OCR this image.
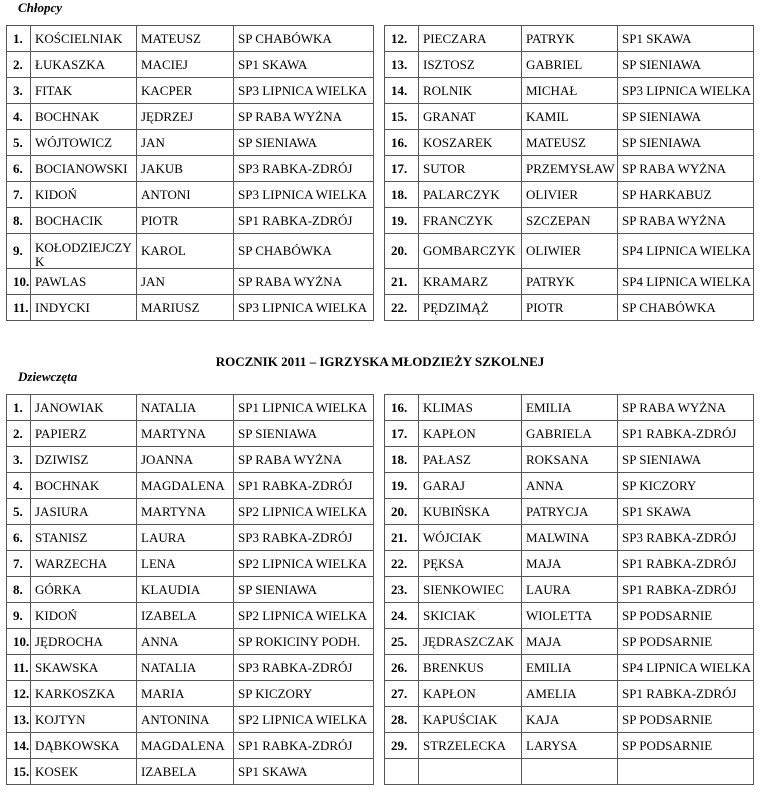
Chłopcy

1.	KOŚCIELNIAK	MATEUSZ	SP CHABÓWKA

2.	ŁUKASZKA	MACIEJ	SP1 SKAWA

3.	FITAK	KACPER	SP3 LIPNICA WIELKA

4.	BOCHNAK	JĘDRZEJ	SP RABA WYŻNA

5.	WÓJTOWICZ	JAN	SP SIENIAWA

6.	BOCIANOWSKI	JAKUB	SP3 RABKA-ZDRÓJ

7.	KIDOŃ	ANTONI	SP3 LIPNICA WIELKA

8.	BOCHACIK	PIOTR	SP1 RABKA-ZDRÓJ

9.	KOŁODZIEJCZYK	KAROL	SP CHABÓWKA

10.	PAWLAS	JAN	SP RABA WYŻNA

11.	INDYCKI	MARIUSZ	SP3 LIPNICA WIELKA
12.	PIECZARA	PATRYK	SP1 SKAWA

13.	ISZTOSZ	GABRIEL	SP SIENIAWA

14.	ROLNIK	MICHAŁ	SP3 LIPNICA WIELKA

15.	GRANAT	KAMIL	SP SIENIAWA

16.	KOSZAREK	MATEUSZ	SP SIENIAWA

17.	SUTOR	PRZEMYSŁAW	SP RABA WYŻNA

18.	PALARCZYK	OLIVIER	SP HARKABUZ

19.	FRANCZYK	SZCZEPAN	SP RABA WYŻNA

20.	GOMBARCZYK	OLIWIER	SP4 LIPNICA WIELKA

21.	KRAMARZ	PATRYK	SP4 LIPNICA WIELKA

22.	PĘDZIMĄŻ	PIOTR	SP CHABÓWKA

ROCZNIK 2011 – IGRZYSKA MŁODZIEŻY SZKOLNEJ

Dziewczęta

1.	JANOWIAK	NATALIA	SP1 LIPNICA WIELKA

2.	PAPIERZ	MARTYNA	SP SIENIAWA

3.	DZIWISZ	JOANNA	SP RABA WYŻNA

4.	BOCHNAK	MAGDALENA	SP1 RABKA-ZDRÓJ

5.	JASIURA	MARTYNA	SP2 LIPNICA WIELKA

6.	STANISZ	LAURA	SP3 RABKA-ZDRÓJ

7.	WARZECHA	LENA	SP2 LIPNICA WIELKA

8.	GÓRKA	KLAUDIA	SP SIENIAWA

9.	KIDOŃ	IZABELA	SP2 LIPNICA WIELKA

10.	JĘDROCHA	ANNA	SP ROKICINY PODH.

11.	SKAWSKA	NATALIA	SP3 RABKA-ZDRÓJ

12.	KARKOSZKA	MARIA	SP KICZORY

13.	KOJTYN	ANTONINA	SP2 LIPNICA WIELKA

14.	DĄBKOWSKA	MAGDALENA	SP1 RABKA-ZDRÓJ

15.	KOSEK	IZABELA	SP1 SKAWA
16.	KLIMAS	EMILIA	SP RABA WYŻNA

17.	KAPŁON	GABRIELA	SP1 RABKA-ZDRÓJ

18.	PAŁASZ	ROKSANA	SP SIENIAWA

19.	GARAJ	ANNA	SP KICZORY

20.	KUBIŃSKA	PATRYCJA	SP1 SKAWA

21.	WÓJCIAK	MALWINA	SP3 RABKA-ZDRÓJ

22.	PĘKSA	MAJA	SP1 RABKA-ZDRÓJ

23.	SIENKOWIEC	LAURA	SP1 RABKA-ZDRÓJ

24.	SKICIAK	WIOLETTA	SP PODSARNIE

25.	JĘDRASZCZAK	MAJA	SP PODSARNIE

26.	BRENKUS	EMILIA	SP4 LIPNICA WIELKA

27.	KAPŁON	AMELIA	SP1 RABKA-ZDRÓJ

28.	KAPUŚCIAK	KAJA	SP PODSARNIE

29.	STRZELECKA	LARYSA	SP PODSARNIE
